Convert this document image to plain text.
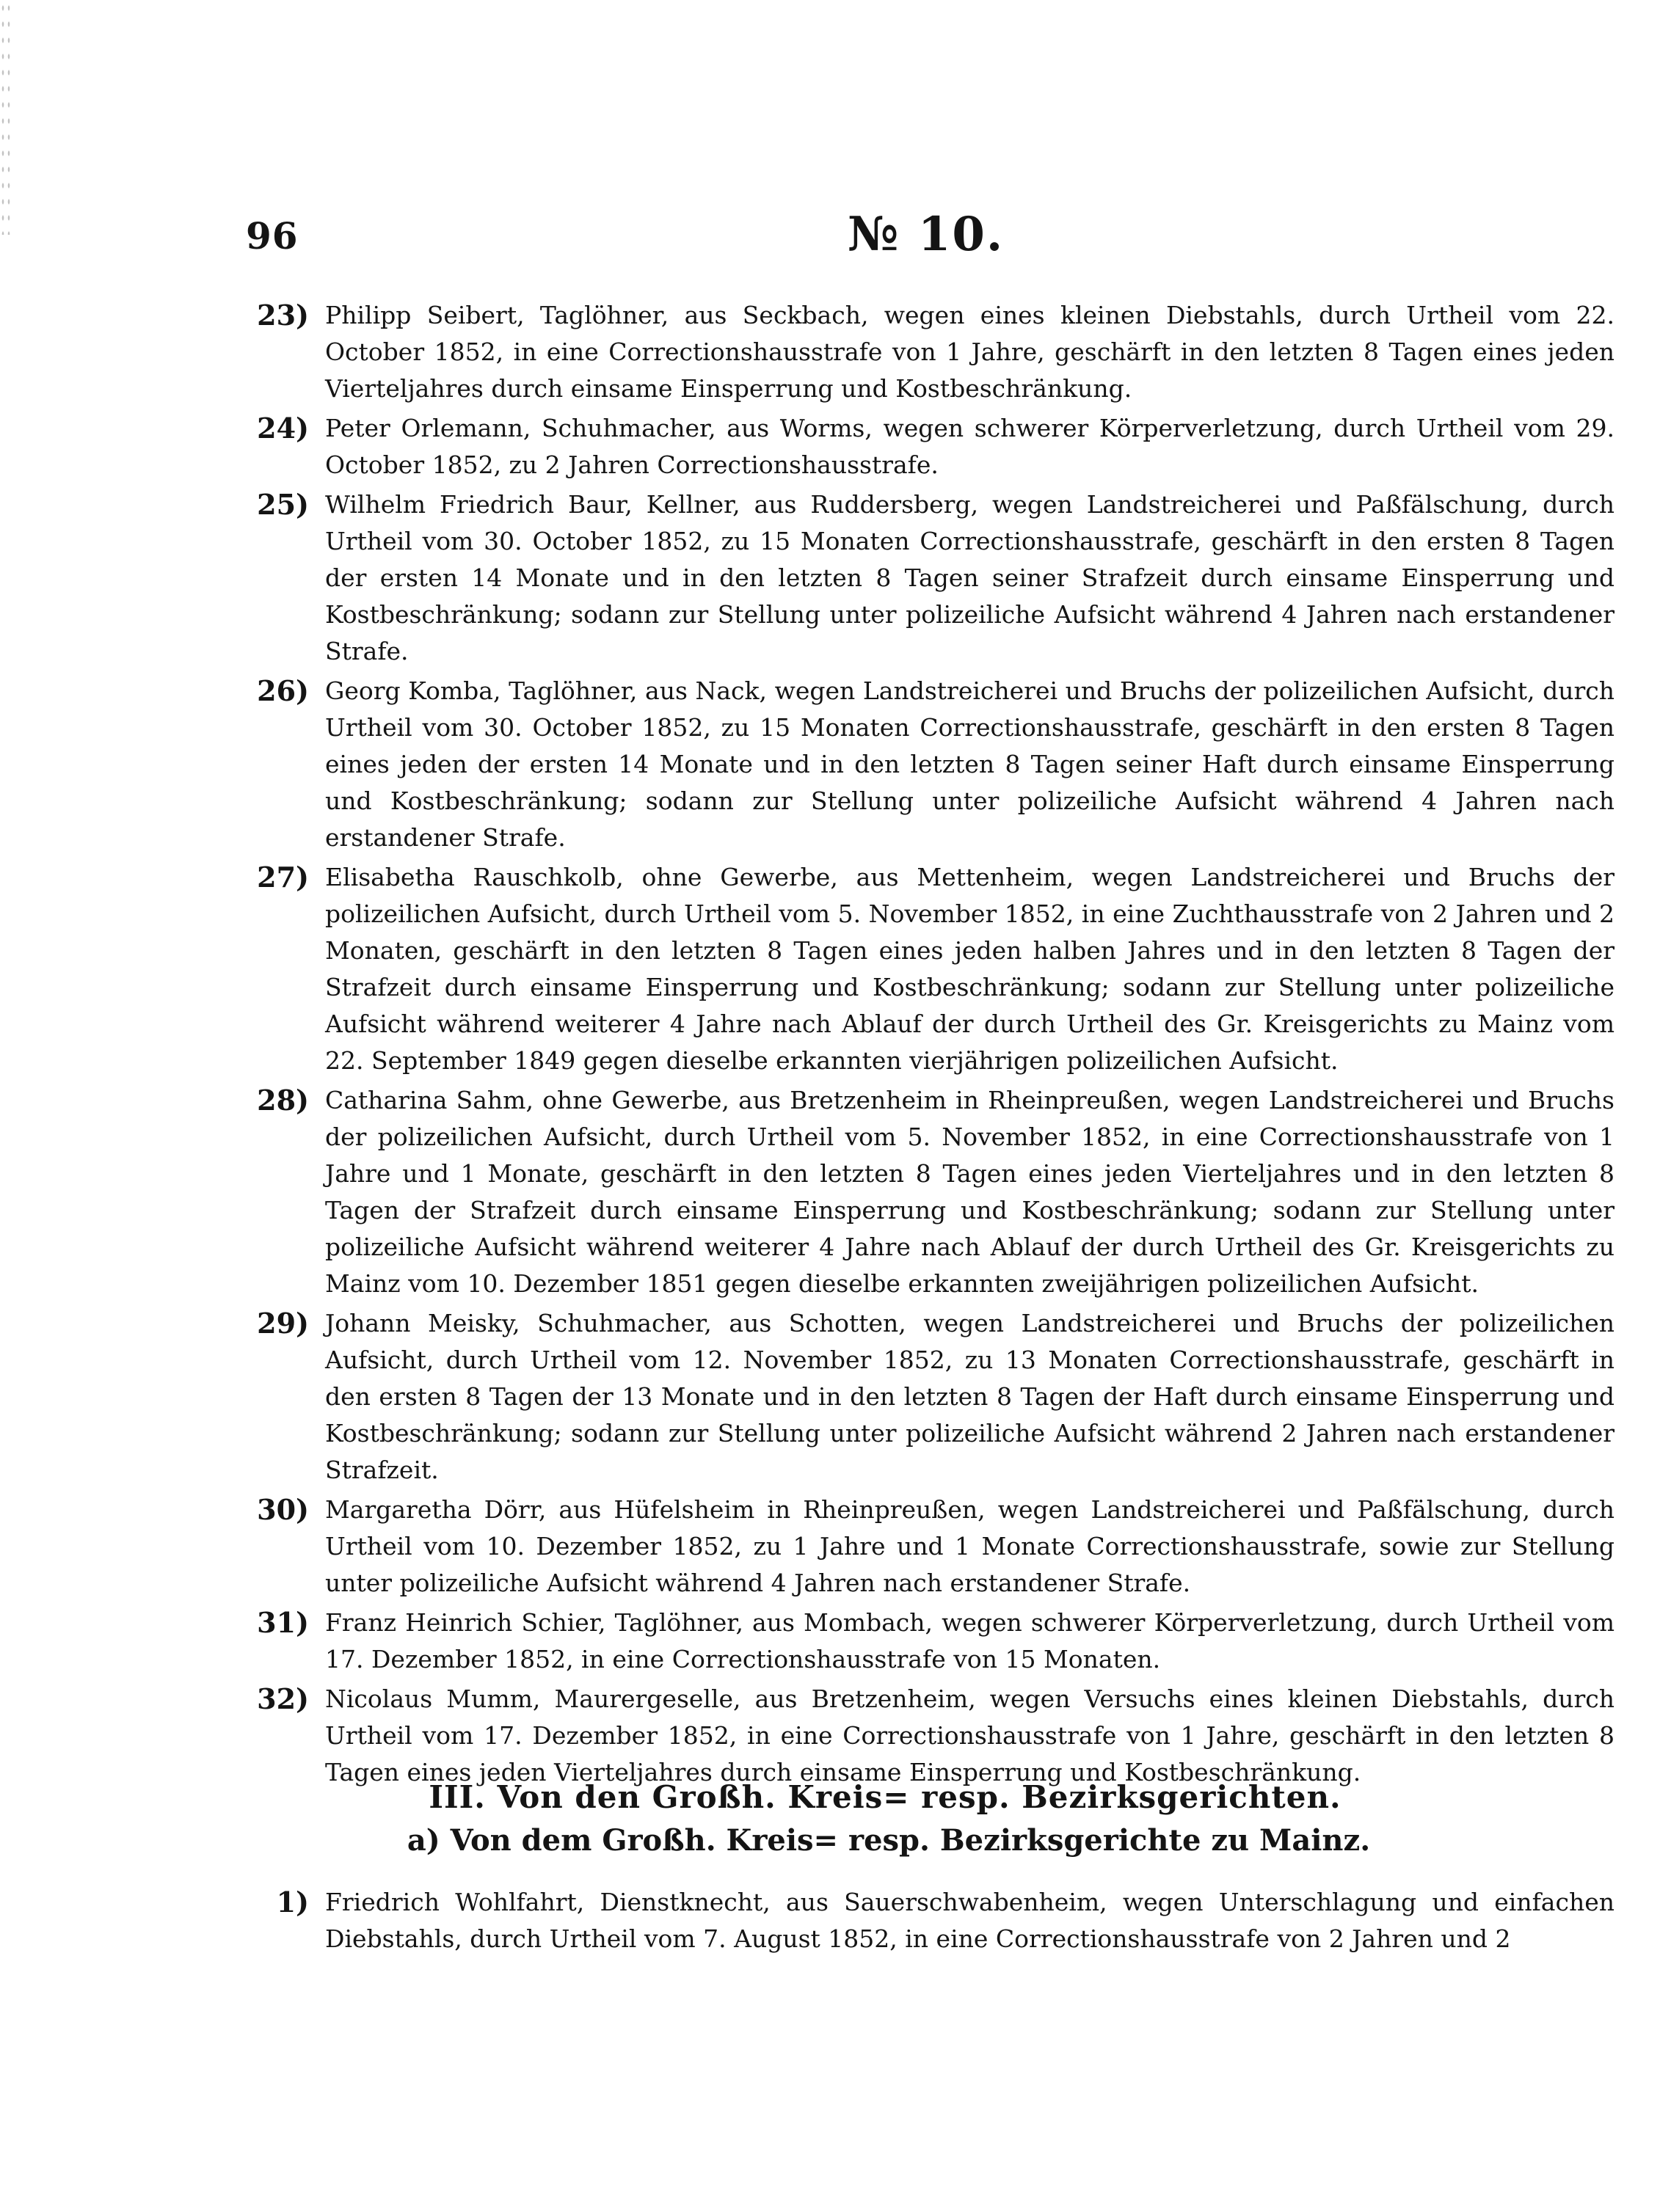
96	№ 10.
23) Philipp Seibert, Taglöhner, aus Seckbach, wegen eines kleinen Diebstahls, durch Urtheil vom 22. October 1852, in eine Correctionshausstrafe von 1 Jahre, geschärft in den letzten 8 Tagen eines jeden Vierteljahres durch einsame Einsperrung und Kostbeschränkung.
24) Peter Orlemann, Schuhmacher, aus Worms, wegen schwerer Körperverletzung, durch Urtheil vom 29. October 1852, zu 2 Jahren Correctionshausstrafe.
25) Wilhelm Friedrich Baur, Kellner, aus Ruddersberg, wegen Landstreicherei und Paßfälschung, durch Urtheil vom 30. October 1852, zu 15 Monaten Correctionshausstrafe, geschärft in den ersten 8 Tagen der ersten 14 Monate und in den letzten 8 Tagen seiner Strafzeit durch einsame Einsperrung und Kostbeschränkung; sodann zur Stellung unter polizeiliche Aufsicht während 4 Jahren nach erstandener Strafe.
26) Georg Komba, Taglöhner, aus Nack, wegen Landstreicherei und Bruchs der polizeilichen Aufsicht, durch Urtheil vom 30. October 1852, zu 15 Monaten Correctionshausstrafe, geschärft in den ersten 8 Tagen eines jeden der ersten 14 Monate und in den letzten 8 Tagen seiner Haft durch einsame Einsperrung und Kostbeschränkung; sodann zur Stellung unter polizeiliche Aufsicht während 4 Jahren nach erstandener Strafe.
27) Elisabetha Rauschkolb, ohne Gewerbe, aus Mettenheim, wegen Landstreicherei und Bruchs der polizeilichen Aufsicht, durch Urtheil vom 5. November 1852, in eine Zuchthausstrafe von 2 Jahren und 2 Monaten, geschärft in den letzten 8 Tagen eines jeden halben Jahres und in den letzten 8 Tagen der Strafzeit durch einsame Einsperrung und Kostbeschränkung; sodann zur Stellung unter polizeiliche Aufsicht während weiterer 4 Jahre nach Ablauf der durch Urtheil des Gr. Kreisgerichts zu Mainz vom 22. September 1849 gegen dieselbe erkannten vierjährigen polizeilichen Aufsicht.
28) Catharina Sahm, ohne Gewerbe, aus Bretzenheim in Rheinpreußen, wegen Landstreicherei und Bruchs der polizeilichen Aufsicht, durch Urtheil vom 5. November 1852, in eine Correctionshausstrafe von 1 Jahre und 1 Monate, geschärft in den letzten 8 Tagen eines jeden Vierteljahres und in den letzten 8 Tagen der Strafzeit durch einsame Einsperrung und Kostbeschränkung; sodann zur Stellung unter polizeiliche Aufsicht während weiterer 4 Jahre nach Ablauf der durch Urtheil des Gr. Kreisgerichts zu Mainz vom 10. Dezember 1851 gegen dieselbe erkannten zweijährigen polizeilichen Aufsicht.
29) Johann Meisky, Schuhmacher, aus Schotten, wegen Landstreicherei und Bruchs der polizeilichen Aufsicht, durch Urtheil vom 12. November 1852, zu 13 Monaten Correctionshausstrafe, geschärft in den ersten 8 Tagen der 13 Monate und in den letzten 8 Tagen der Haft durch einsame Einsperrung und Kostbeschränkung; sodann zur Stellung unter polizeiliche Aufsicht während 2 Jahren nach erstandener Strafzeit.
30) Margaretha Dörr, aus Hüfelsheim in Rheinpreußen, wegen Landstreicherei und Paßfälschung, durch Urtheil vom 10. Dezember 1852, zu 1 Jahre und 1 Monate Correctionshausstrafe, sowie zur Stellung unter polizeiliche Aufsicht während 4 Jahren nach erstandener Strafe.
31) Franz Heinrich Schier, Taglöhner, aus Mombach, wegen schwerer Körperverletzung, durch Urtheil vom 17. Dezember 1852, in eine Correctionshausstrafe von 15 Monaten.
32) Nicolaus Mumm, Maurergeselle, aus Bretzenheim, wegen Versuchs eines kleinen Diebstahls, durch Urtheil vom 17. Dezember 1852, in eine Correctionshausstrafe von 1 Jahre, geschärft in den letzten 8 Tagen eines jeden Vierteljahres durch einsame Einsperrung und Kostbeschränkung.
III. Von den Großh. Kreis= resp. Bezirksgerichten.
a) Von dem Großh. Kreis= resp. Bezirksgerichte zu Mainz.
1) Friedrich Wohlfahrt, Dienstknecht, aus Sauerschwabenheim, wegen Unterschlagung und einfachen Diebstahls, durch Urtheil vom 7. August 1852, in eine Correctionshausstrafe von 2 Jahren und 2
